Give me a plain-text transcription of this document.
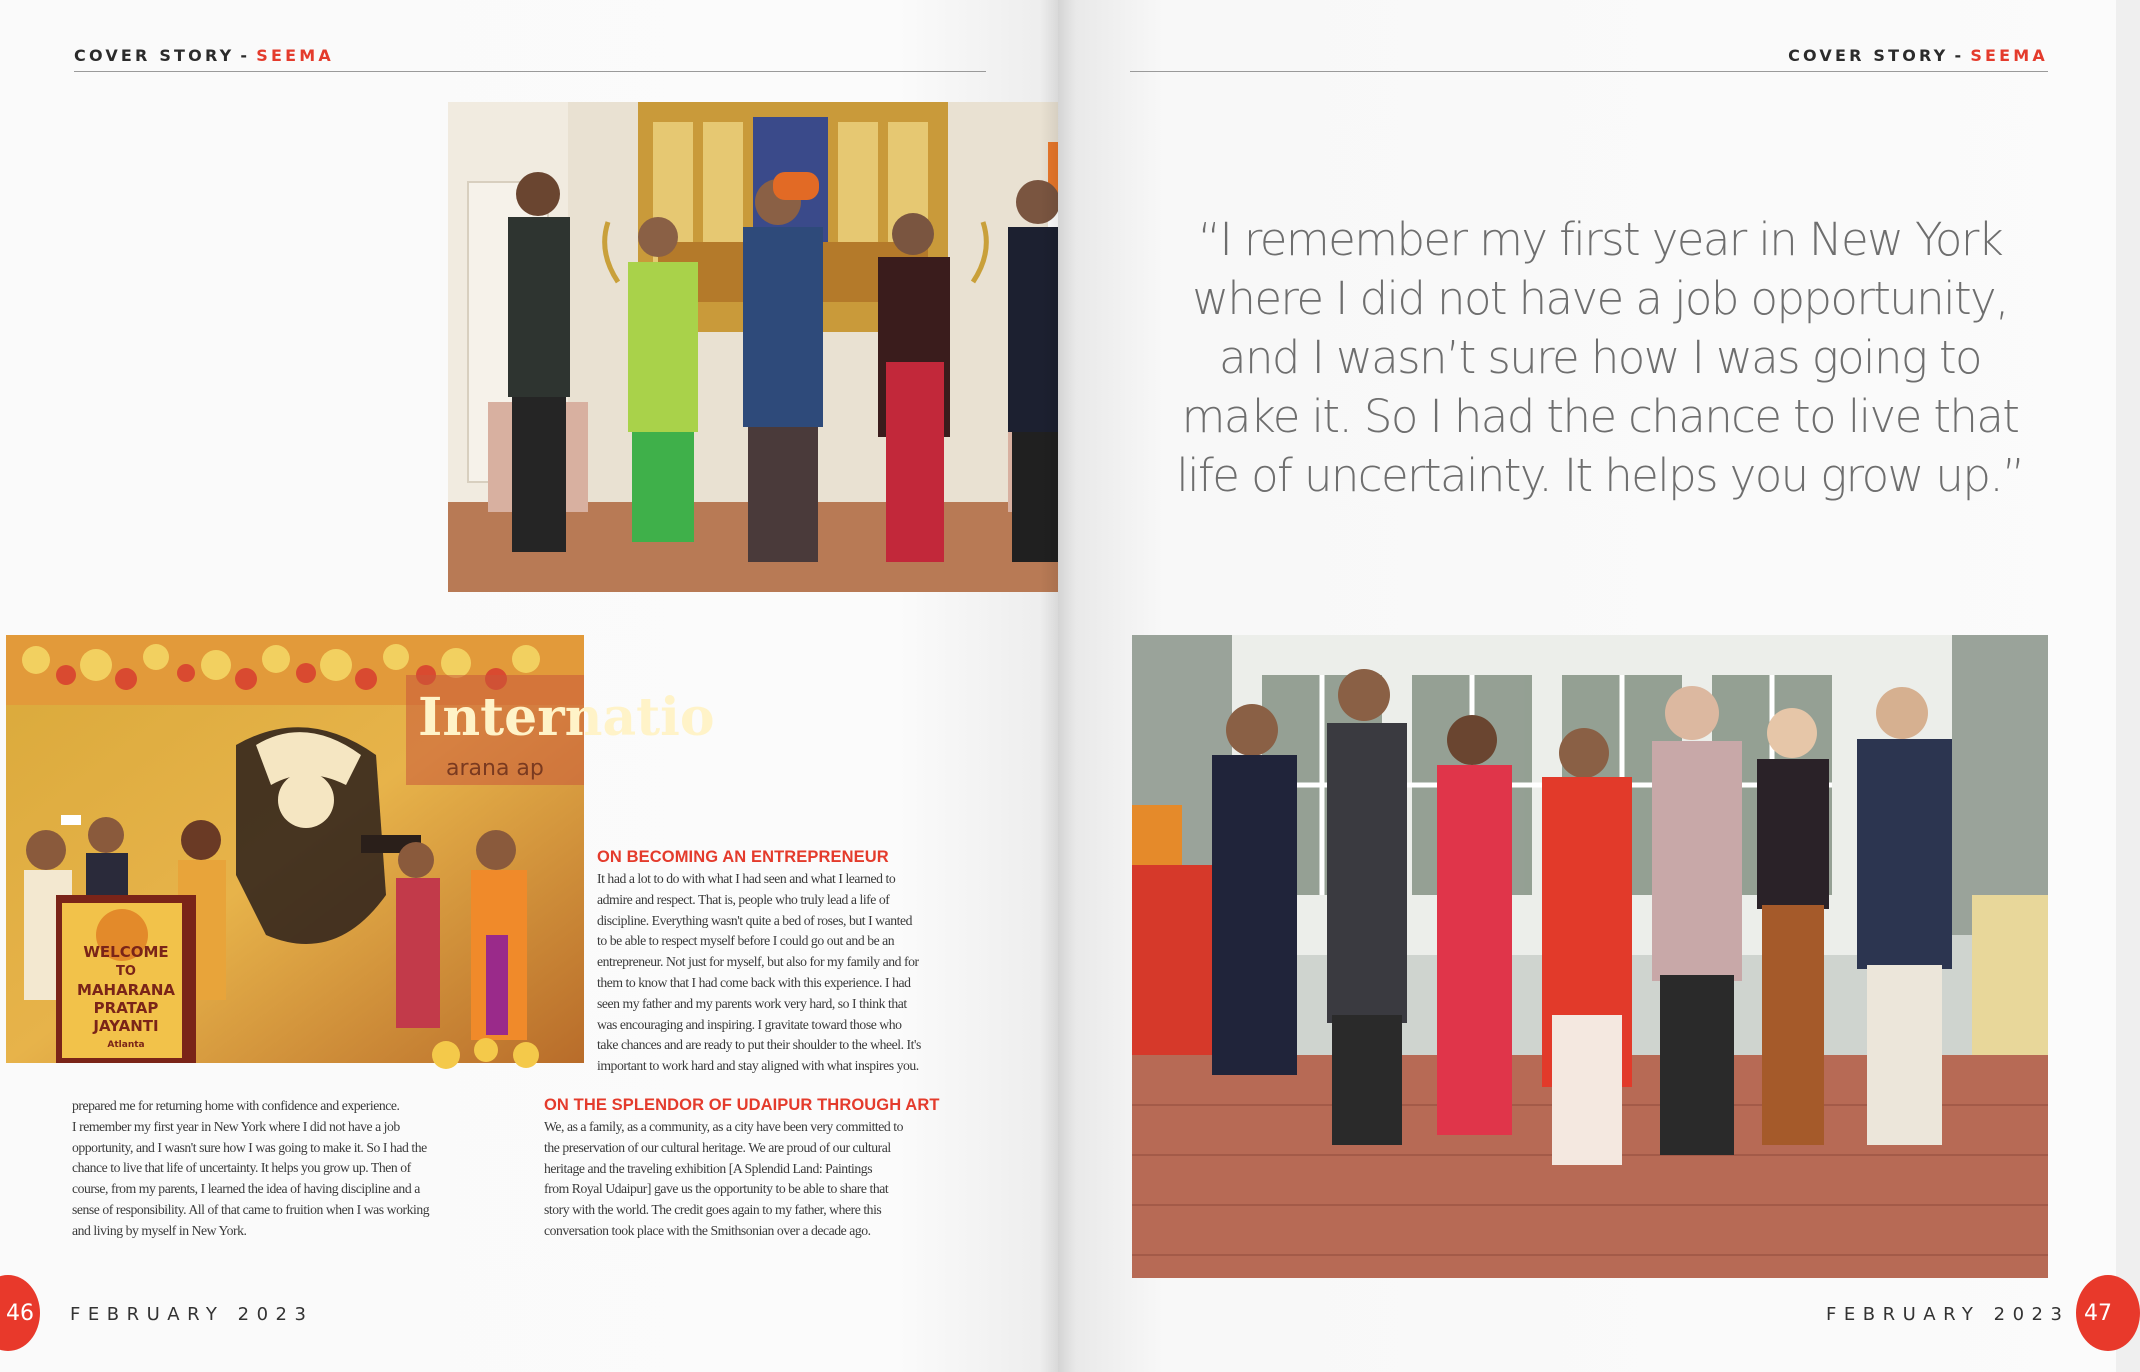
COVER STORY - SEEMA
Internatio
arana ap
WELCOME
TO
MAHARANA
PRATAP
JAYANTI
Atlanta
ON BECOMING AN ENTREPRENEUR

It had a lot to do with what I had seen and what I learned to
admire and respect. That is, people who truly lead a life of
discipline. Everything wasn't quite a bed of roses, but I wanted
to be able to respect myself before I could go out and be an
entrepreneur. Not just for myself, but also for my family and for
them to know that I had come back with this experience. I had
seen my father and my parents work very hard, so I think that
was encouraging and inspiring. I gravitate toward those who
take chances and are ready to put their shoulder to the wheel. It's
important to work hard and stay aligned with what inspires you.

prepared me for returning home with confidence and experience.
I remember my first year in New York where I did not have a job
opportunity, and I wasn't sure how I was going to make it. So I had the
chance to live that life of uncertainty. It helps you grow up. Then of
course, from my parents, I learned the idea of having discipline and a
sense of responsibility. All of that came to fruition when I was working
and living by myself in New York.

ON THE SPLENDOR OF UDAIPUR THROUGH ART

We, as a family, as a community, as a city have been very committed to
the preservation of our cultural heritage. We are proud of our cultural
heritage and the traveling exhibition [A Splendid Land: Paintings
from Royal Udaipur] gave us the opportunity to be able to share that
story with the world. The credit goes again to my father, where this
conversation took place with the Smithsonian over a decade ago.

46 FEBRUARY 2023
COVER STORY - SEEMA
47
FEBRUARY 2023
“I remember my first year in New York where I did not have a job opportunity, and I wasn’t sure how I was going to make it. So I had the chance to live that life of uncertainty. It helps you grow up.”
